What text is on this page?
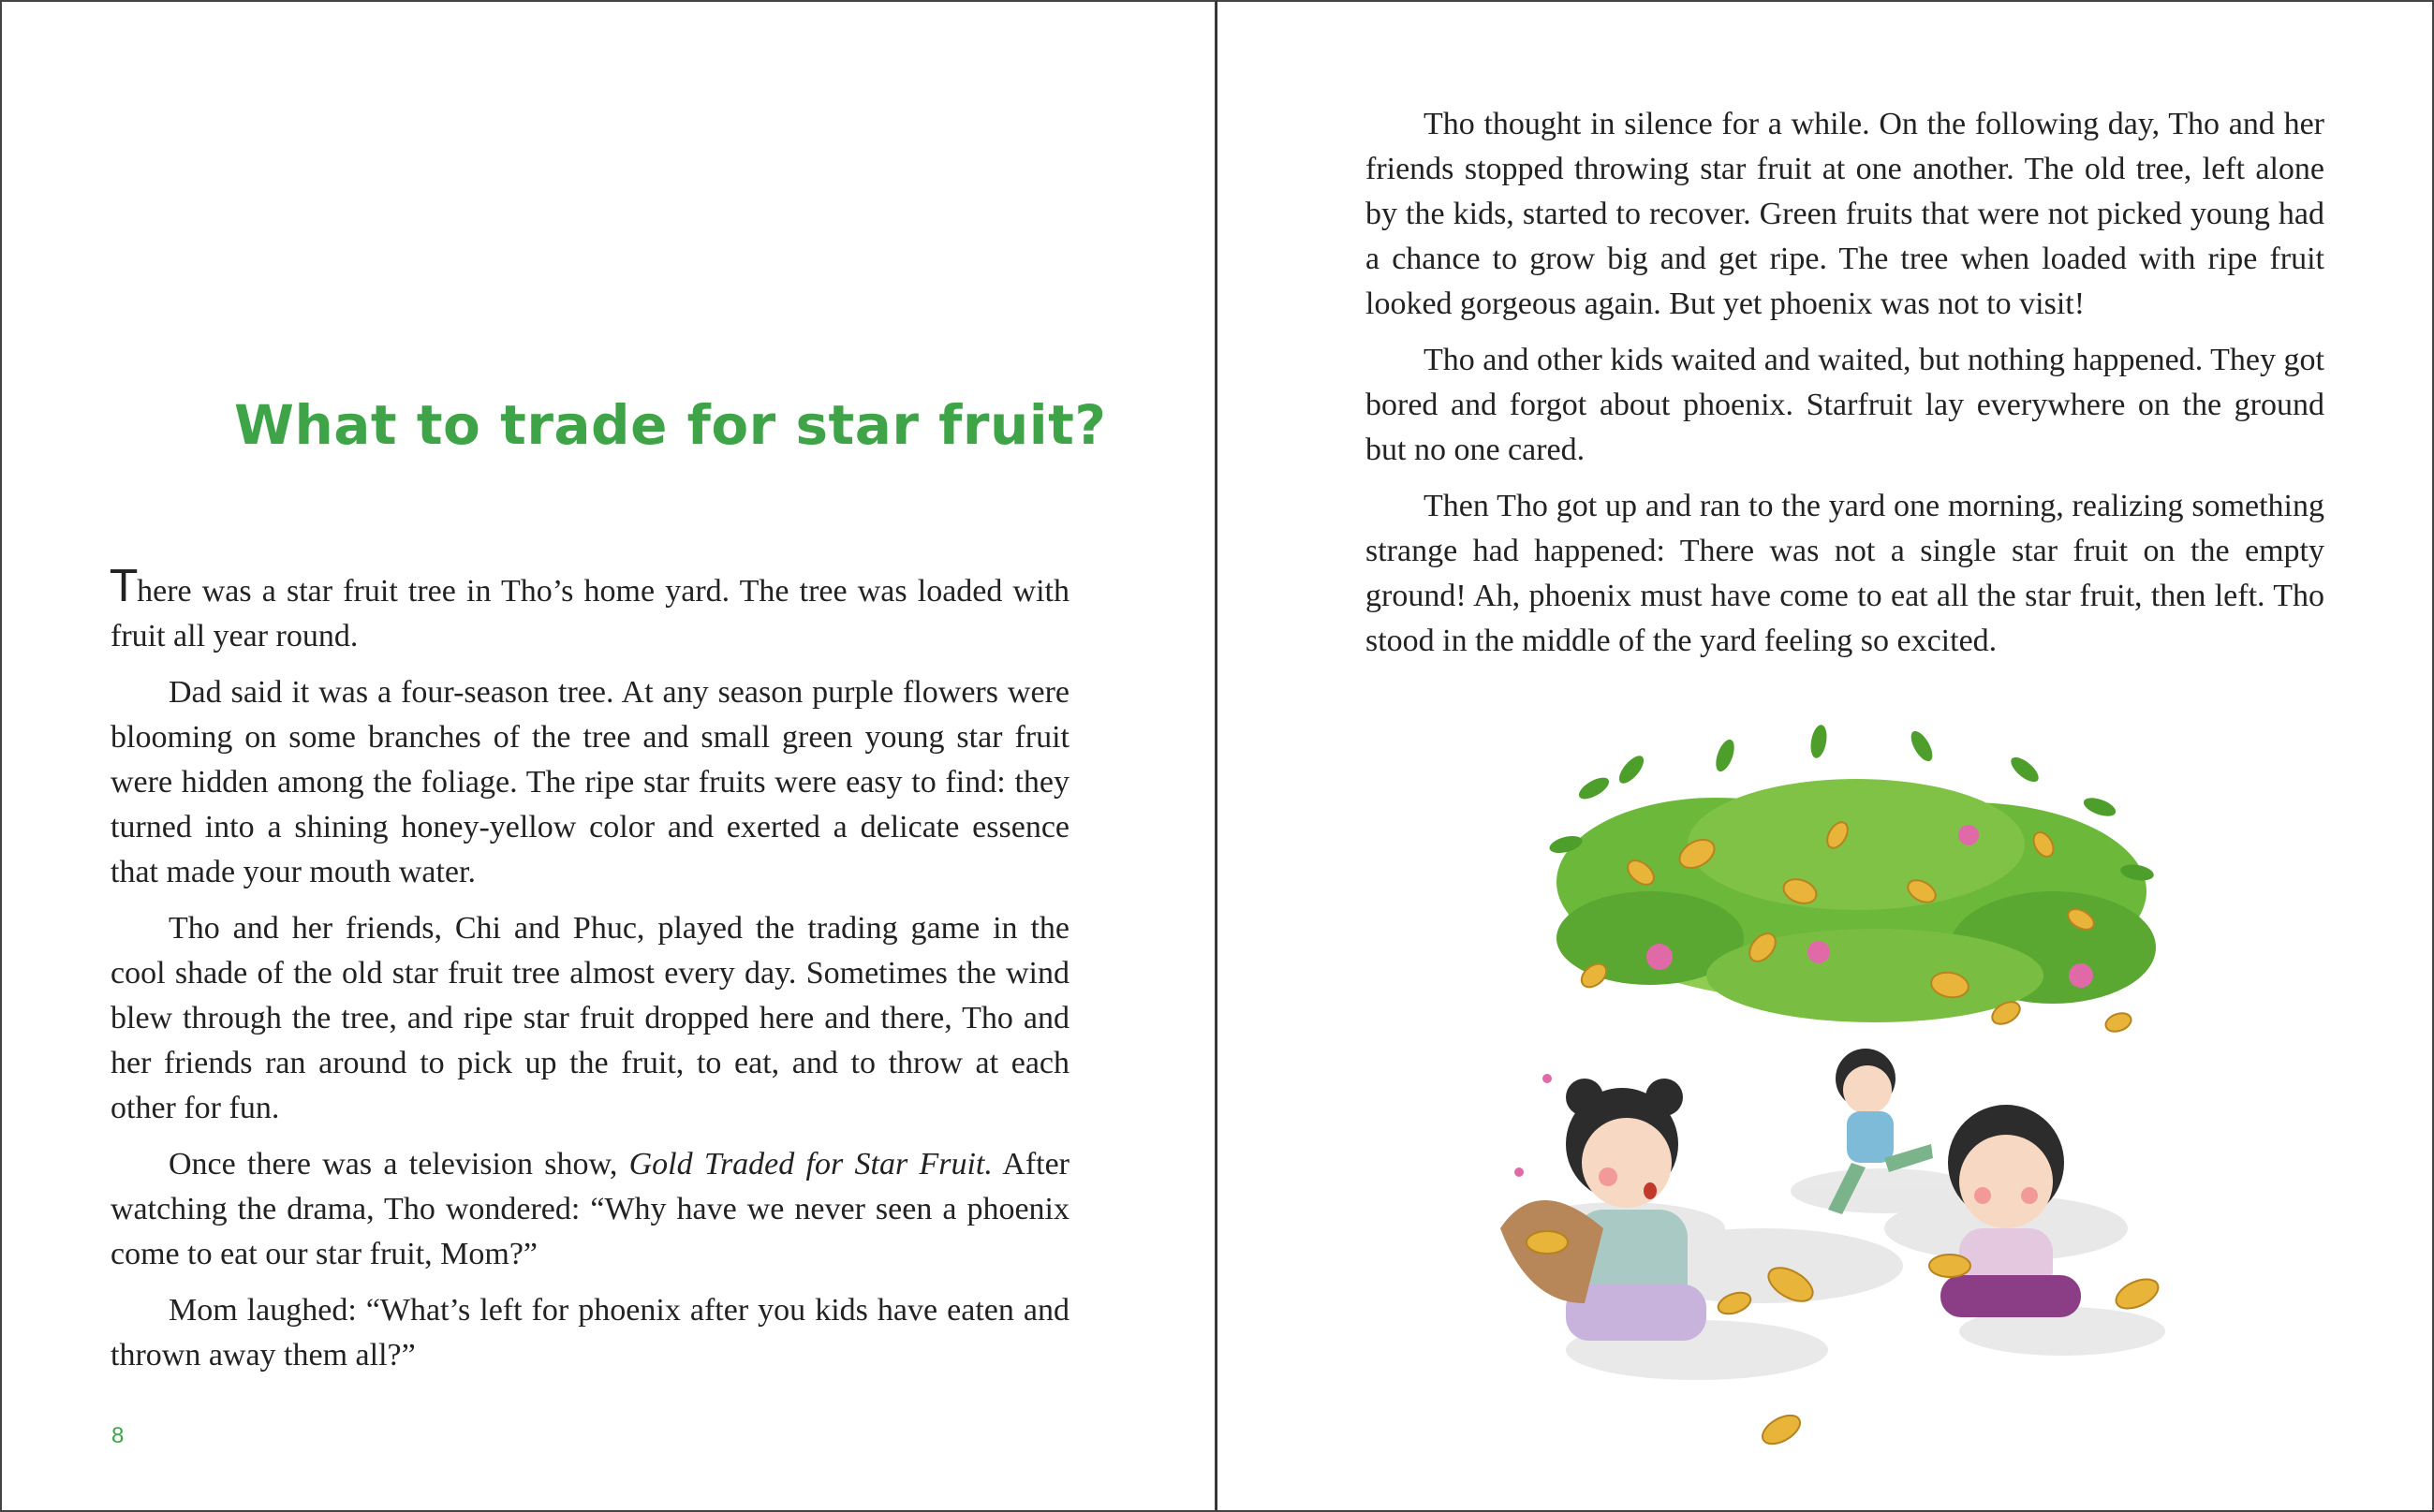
What to trade for star fruit?

There was a star fruit tree in Tho’s home yard. The tree was loaded with fruit all year round.

Dad said it was a four-season tree. At any season purple flowers were blooming on some branches of the tree and small green young star fruit were hidden among the foliage. The ripe star fruits were easy to find: they turned into a shining honey-yellow color and exerted a delicate essence that made your mouth water.

Tho and her friends, Chi and Phuc, played the trading game in the cool shade of the old star fruit tree almost every day. Sometimes the wind blew through the tree, and ripe star fruit dropped here and there, Tho and her friends ran around to pick up the fruit, to eat, and to throw at each other for fun.

Once there was a television show, Gold Traded for Star Fruit. After watching the drama, Tho wondered: “Why have we never seen a phoenix come to eat our star fruit, Mom?”

Mom laughed: “What’s left for phoenix after you kids have eaten and thrown away them all?”

8

Tho thought in silence for a while. On the following day, Tho and her friends stopped throwing star fruit at one another. The old tree, left alone by the kids, started to recover. Green fruits that were not picked young had a chance to grow big and get ripe. The tree when loaded with ripe fruit looked gorgeous again. But yet phoenix was not to visit!

Tho and other kids waited and waited, but nothing happened. They got bored and forgot about phoenix. Starfruit lay everywhere on the ground but no one cared.

Then Tho got up and ran to the yard one morning, realizing something strange had happened: There was not a single star fruit on the empty ground! Ah, phoenix must have come to eat all the star fruit, then left. Tho stood in the middle of the yard feeling so excited.
